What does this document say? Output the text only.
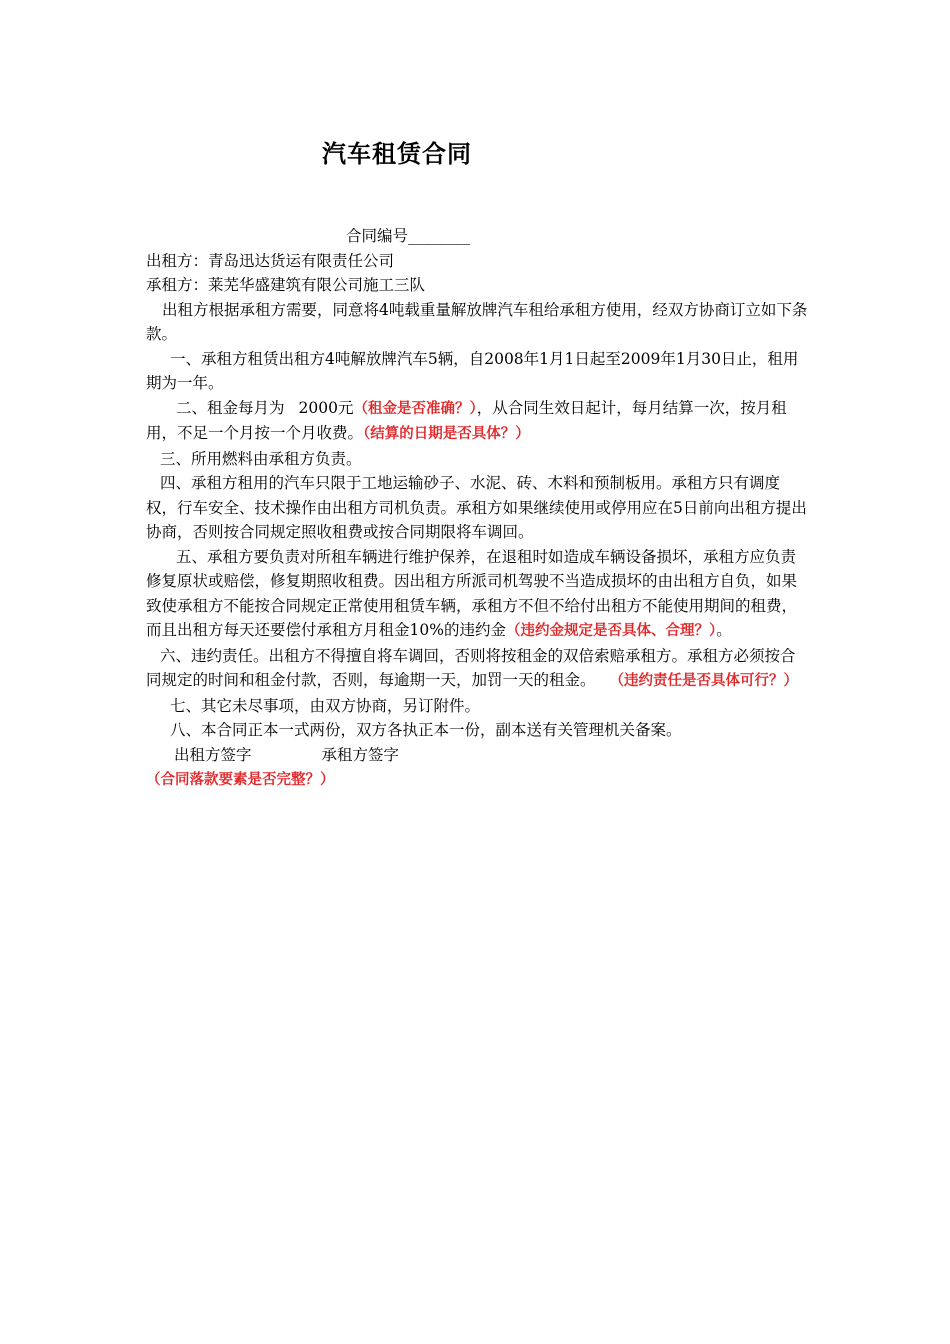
汽车租赁合同

合同编号________

出租方：青岛迅达货运有限责任公司

承租方：莱芜华盛建筑有限公司施工三队

出租方根据承租方需要，同意将4吨载重量解放牌汽车租给承租方使用，经双方协商订立如下条款。

一、承租方租赁出租方4吨解放牌汽车5辆，自2008年1月1日起至2009年1月30日止，租用期为一年。

二、租金每月为 2000元（租金是否准确？），从合同生效日起计，每月结算一次，按月租用，不足一个月按一个月收费。（结算的日期是否具体？）

三、所用燃料由承租方负责。

四、承租方租用的汽车只限于工地运输砂子、水泥、砖、木料和预制板用。承租方只有调度权，行车安全、技术操作由出租方司机负责。承租方如果继续使用或停用应在5日前向出租方提出协商，否则按合同规定照收租费或按合同期限将车调回。

五、承租方要负责对所租车辆进行维护保养，在退租时如造成车辆设备损坏，承租方应负责修复原状或赔偿，修复期照收租费。因出租方所派司机驾驶不当造成损坏的由出租方自负，如果致使承租方不能按合同规定正常使用租赁车辆，承租方不但不给付出租方不能使用期间的租费，而且出租方每天还要偿付承租方月租金10%的违约金（违约金规定是否具体、合理？）。

六、违约责任。出租方不得擅自将车调回，否则将按租金的双倍索赔承租方。承租方必须按合同规定的时间和租金付款，否则，每逾期一天，加罚一天的租金。 （违约责任是否具体可行？）

七、其它未尽事项，由双方协商，另订附件。

八、本合同正本一式两份，双方各执正本一份，副本送有关管理机关备案。

出租方签字	承租方签字

（合同落款要素是否完整？）
